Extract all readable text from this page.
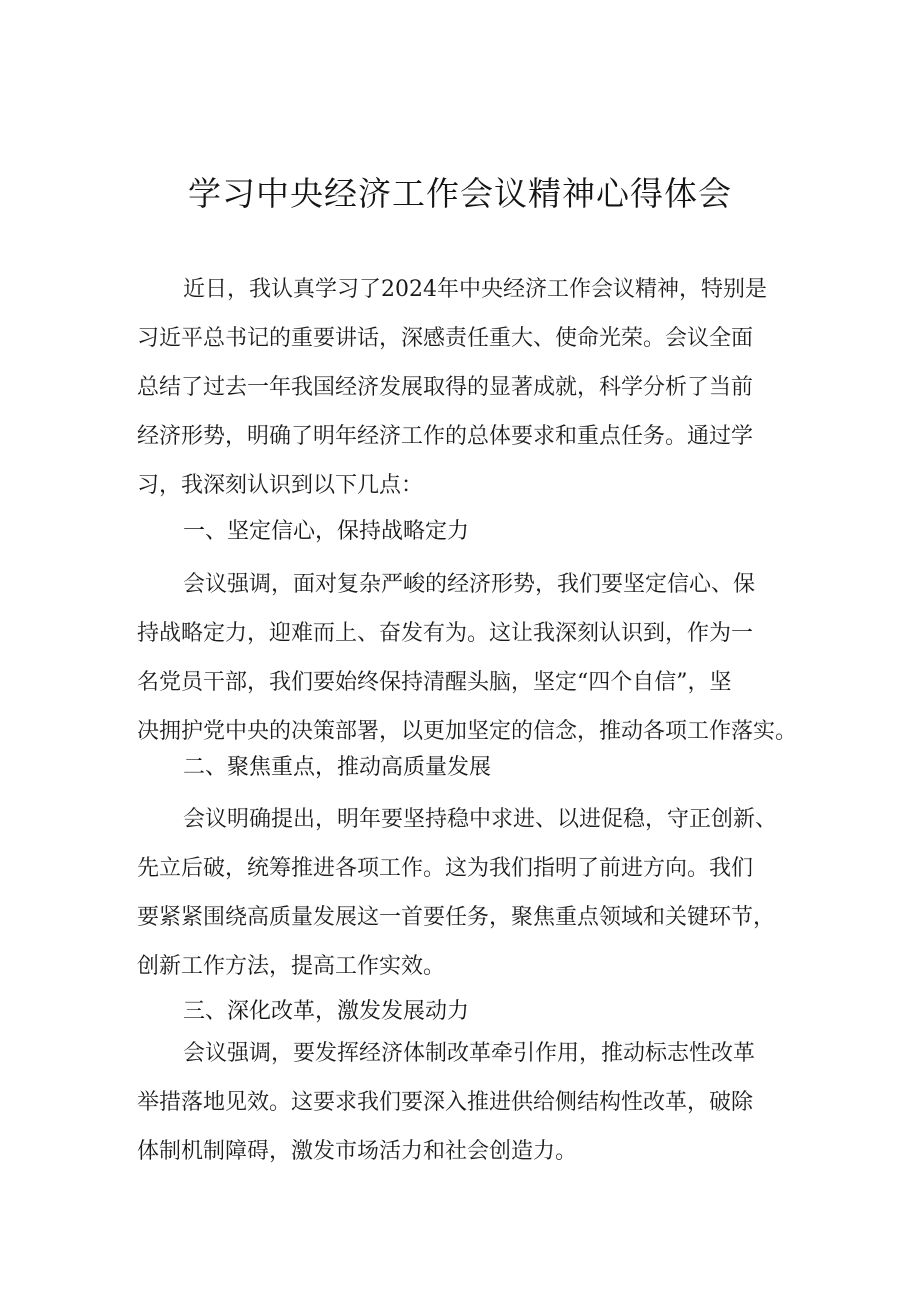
学习中央经济工作会议精神心得体会
近日，我认真学习了2024年中央经济工作会议精神，特别是
习近平总书记的重要讲话，深感责任重大、使命光荣。会议全面
总结了过去一年我国经济发展取得的显著成就，科学分析了当前
经济形势，明确了明年经济工作的总体要求和重点任务。通过学
习，我深刻认识到以下几点：
一、坚定信心，保持战略定力
会议强调，面对复杂严峻的经济形势，我们要坚定信心、保
持战略定力，迎难而上、奋发有为。这让我深刻认识到，作为一
名党员干部，我们要始终保持清醒头脑，坚定“四个自信”，坚
决拥护党中央的决策部署，以更加坚定的信念，推动各项工作落实。
二、聚焦重点，推动高质量发展
会议明确提出，明年要坚持稳中求进、以进促稳，守正创新、
先立后破，统筹推进各项工作。这为我们指明了前进方向。我们
要紧紧围绕高质量发展这一首要任务，聚焦重点领域和关键环节，
创新工作方法，提高工作实效。
三、深化改革，激发发展动力
会议强调，要发挥经济体制改革牵引作用，推动标志性改革
举措落地见效。这要求我们要深入推进供给侧结构性改革，破除
体制机制障碍，激发市场活力和社会创造力。
